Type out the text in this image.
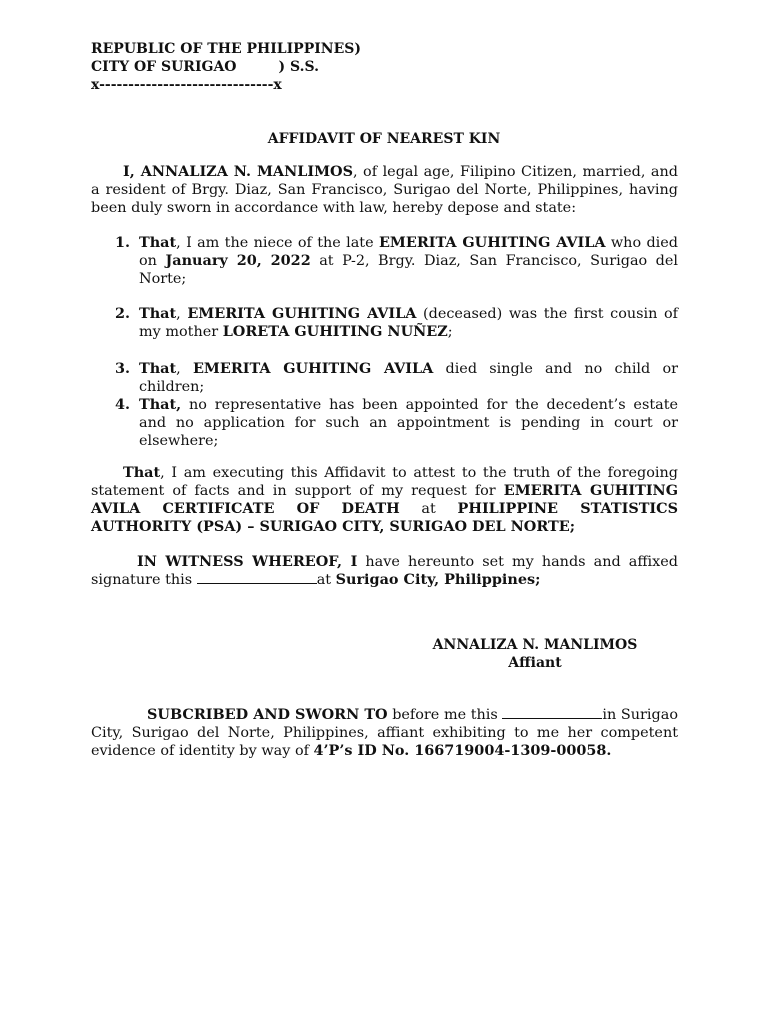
REPUBLIC OF THE PHILIPPINES)
CITY OF SURIGAO	) S.S.
x------------------------------x
AFFIDAVIT OF NEAREST KIN
I, ANNALIZA N. MANLIMOS, of legal age, Filipino Citizen, married, and a resident of Brgy. Diaz, San Francisco, Surigao del Norte, Philippines, having been duly sworn in accordance with law, hereby depose and state:
1. That, I am the niece of the late EMERITA GUHITING AVILA who died on January 20, 2022 at P-2, Brgy. Diaz, San Francisco, Surigao del Norte;
2. That, EMERITA GUHITING AVILA (deceased) was the first cousin of my mother LORETA GUHITING NUÑEZ;
3. That, EMERITA GUHITING AVILA died single and no child or children;
4. That, no representative has been appointed for the decedent’s estate and no application for such an appointment is pending in court or elsewhere;
That, I am executing this Affidavit to attest to the truth of the foregoing statement of facts and in support of my request for EMERITA GUHITING AVILA CERTIFICATE OF DEATH at PHILIPPINE STATISTICS AUTHORITY (PSA) – SURIGAO CITY, SURIGAO DEL NORTE;
IN WITNESS WHEREOF, I have hereunto set my hands and affixed signature this	at Surigao City, Philippines;
ANNALIZA N. MANLIMOS
Affiant
SUBCRIBED AND SWORN TO before me this	in Surigao City, Surigao del Norte, Philippines, affiant exhibiting to me her competent evidence of identity by way of 4’P’s ID No. 166719004-1309-00058.
